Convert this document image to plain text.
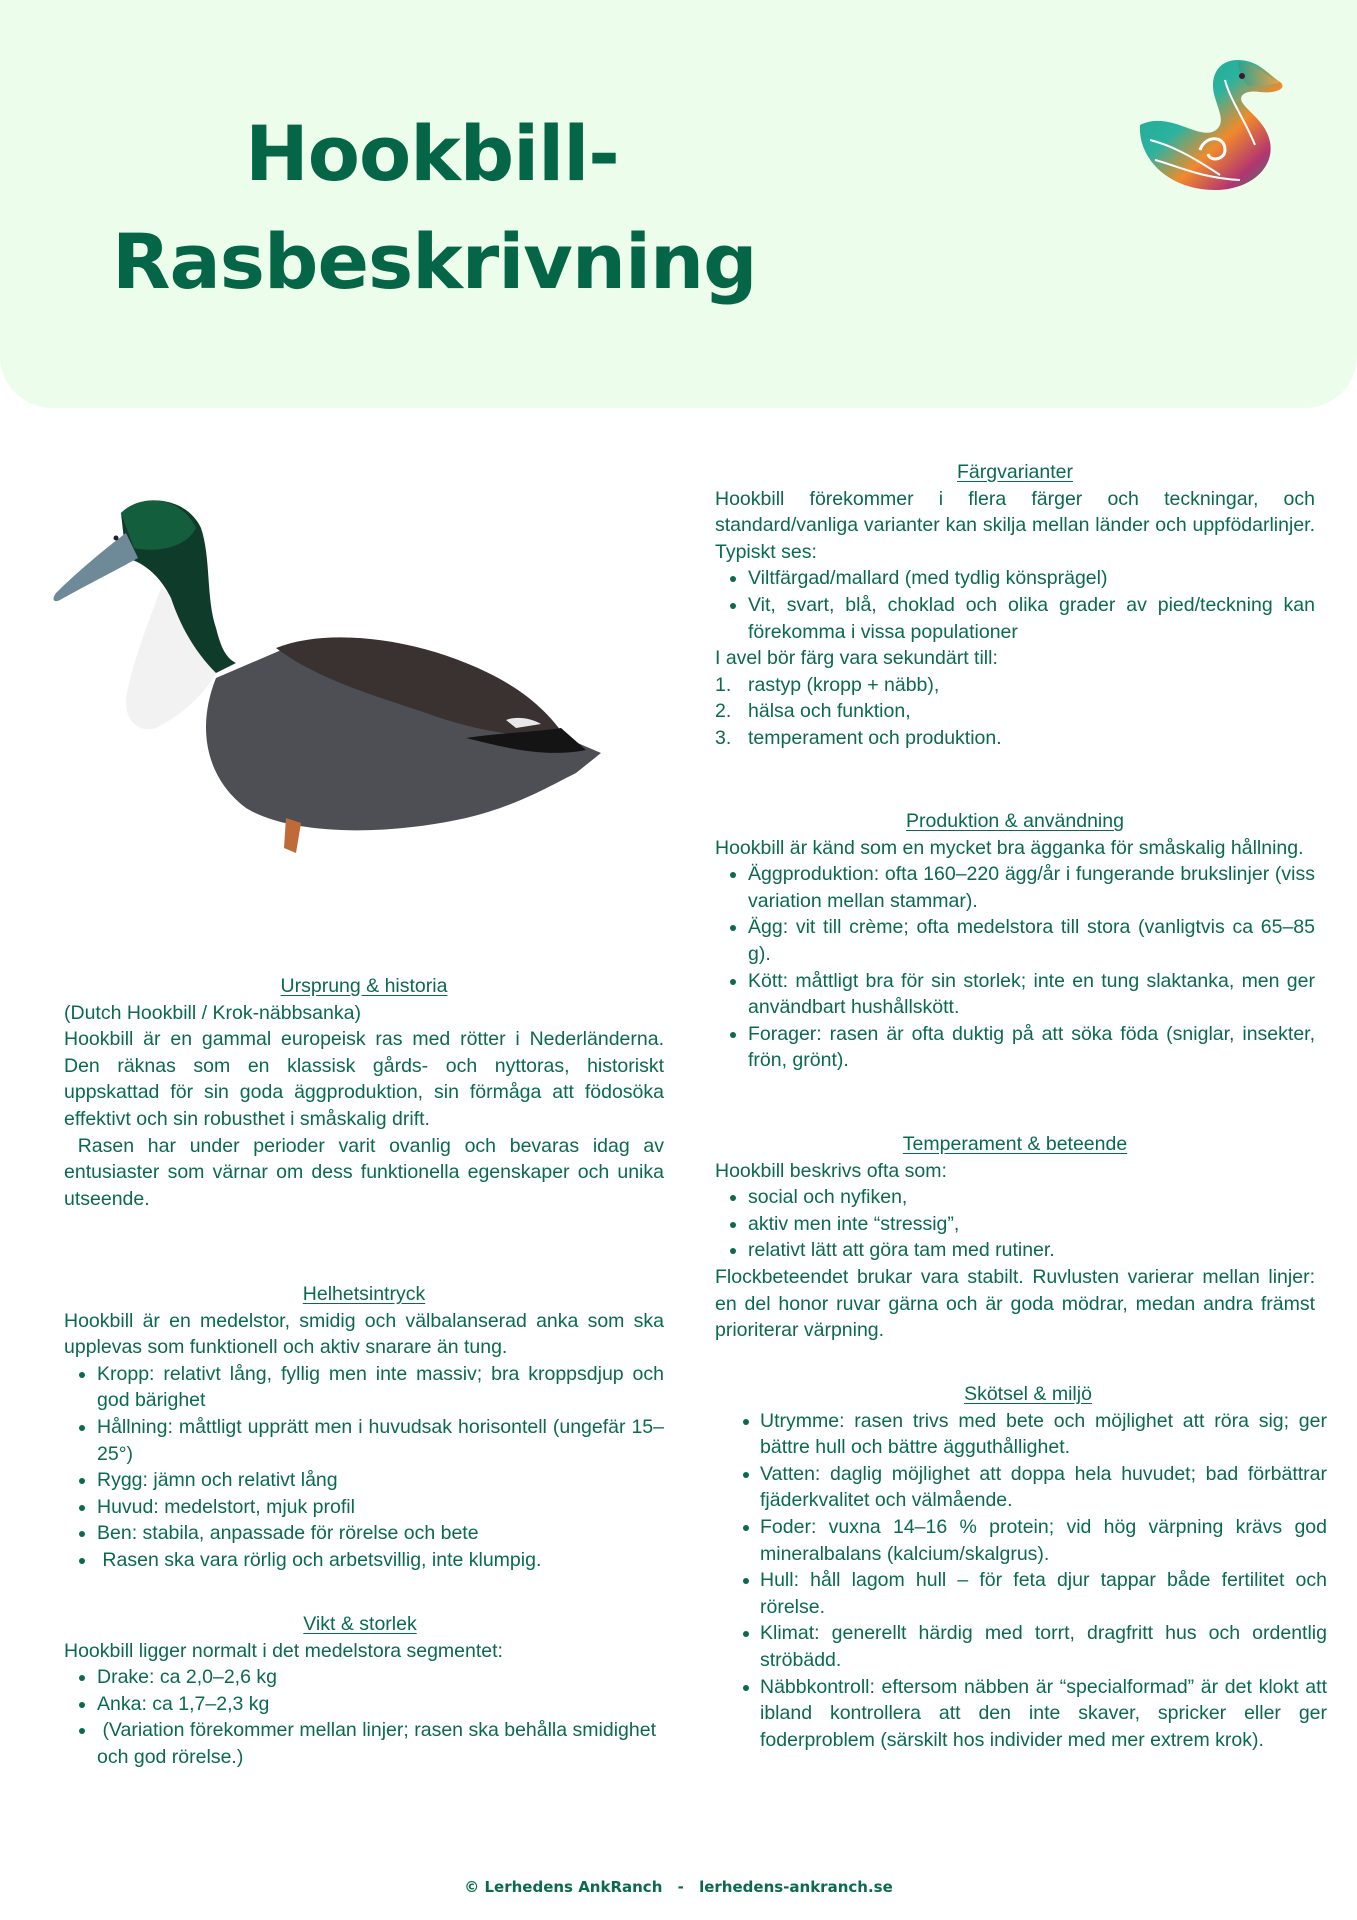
Hookbill-
Rasbeskrivning
Ursprung & historia

(Dutch Hookbill / Krok-näbbsanka)

Hookbill är en gammal europeisk ras med rötter i Nederländerna. Den räknas som en klassisk gårds- och nyttoras, historiskt uppskattad för sin goda äggproduktion, sin förmåga att födosöka effektivt och sin robusthet i småskalig drift.

Rasen har under perioder varit ovanlig och bevaras idag av entusiaster som värnar om dess funktionella egenskaper och unika utseende.

Helhetsintryck

Hookbill är en medelstor, smidig och välbalanserad anka som ska upplevas som funktionell och aktiv snarare än tung.

Kropp: relativt lång, fyllig men inte massiv; bra kroppsdjup och god bärighet
Hållning: måttligt upprätt men i huvudsak horisontell (ungefär 15–25°)
Rygg: jämn och relativt lång
Huvud: medelstort, mjuk profil
Ben: stabila, anpassade för rörelse och bete
Rasen ska vara rörlig och arbetsvillig, inte klumpig.
Vikt & storlek

Hookbill ligger normalt i det medelstora segmentet:

Drake: ca 2,0–2,6 kg
Anka: ca 1,7–2,3 kg
(Variation förekommer mellan linjer; rasen ska behålla smidighet och god rörelse.)
Färgvarianter

Hookbill förekommer i flera färger och teckningar, och standard/vanliga varianter kan skilja mellan länder och uppfödarlinjer. Typiskt ses:

Viltfärgad/mallard (med tydlig könsprägel)
Vit, svart, blå, choklad och olika grader av pied/teckning kan förekomma i vissa populationer

I avel bör färg vara sekundärt till:

1. rastyp (kropp + näbb),
2. hälsa och funktion,
3. temperament och produktion.
Produktion & användning

Hookbill är känd som en mycket bra ägganka för småskalig hållning.

Äggproduktion: ofta 160–220 ägg/år i fungerande brukslinjer (viss variation mellan stammar).
Ägg: vit till crème; ofta medelstora till stora (vanligtvis ca 65–85 g).
Kött: måttligt bra för sin storlek; inte en tung slaktanka, men ger användbart hushållskött.
Forager: rasen är ofta duktig på att söka föda (sniglar, insekter, frön, grönt).
Temperament & beteende

Hookbill beskrivs ofta som:

social och nyfiken,
aktiv men inte “stressig”,
relativt lätt att göra tam med rutiner.

Flockbeteendet brukar vara stabilt. Ruvlusten varierar mellan linjer: en del honor ruvar gärna och är goda mödrar, medan andra främst prioriterar värpning.

Skötsel & miljö
Utrymme: rasen trivs med bete och möjlighet att röra sig; ger bättre hull och bättre ägguthållighet.
Vatten: daglig möjlighet att doppa hela huvudet; bad förbättrar fjäderkvalitet och välmående.
Foder: vuxna 14–16 % protein; vid hög värpning krävs god mineralbalans (kalcium/skalgrus).
Hull: håll lagom hull – för feta djur tappar både fertilitet och rörelse.
Klimat: generellt härdig med torrt, dragfritt hus och ordentlig ströbädd.
Näbbkontroll: eftersom näbben är “specialformad” är det klokt att ibland kontrollera att den inte skaver, spricker eller ger foderproblem (särskilt hos individer med mer extrem krok).
© Lerhedens AnkRanch - lerhedens-ankranch.se
